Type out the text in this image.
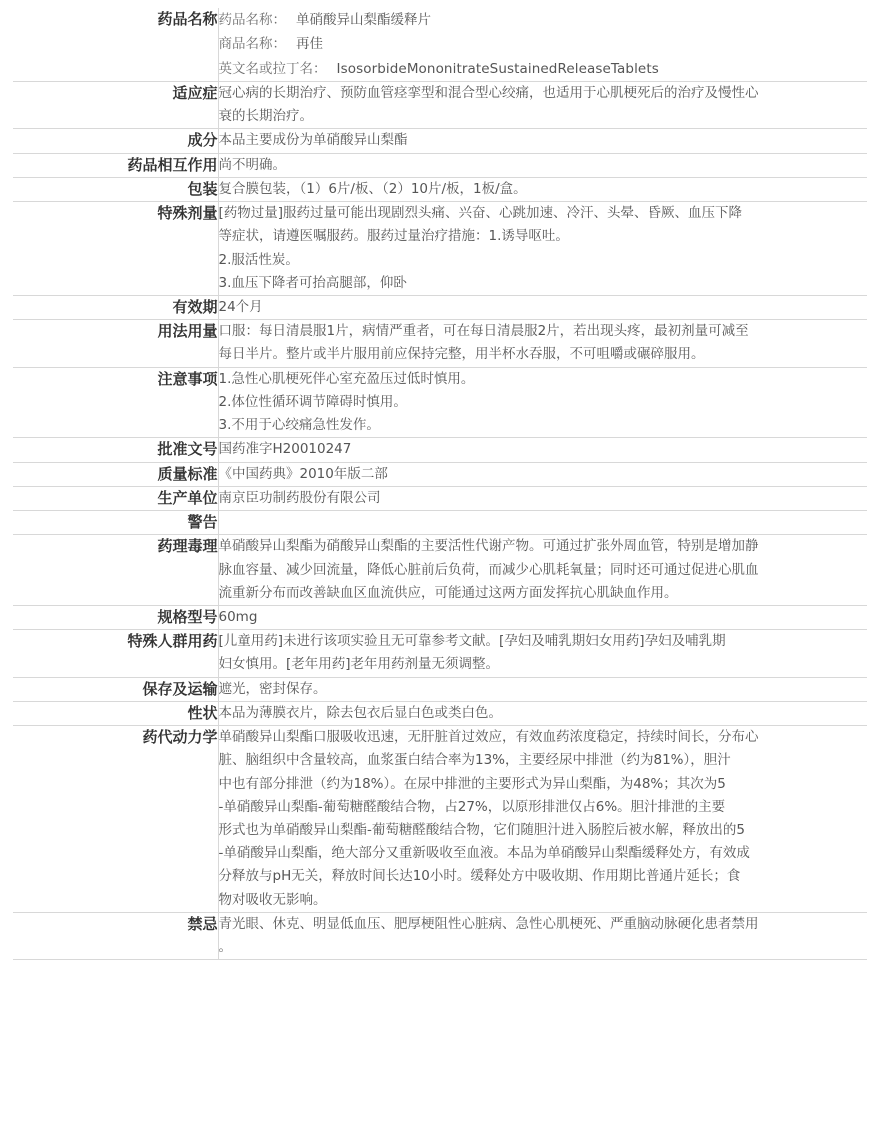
药品名称	药品名称： 单硝酸异山梨酯缓释片
商品名称： 再佳
英文名或拉丁名： IsosorbideMononitrateSustainedReleaseTablets

适应症	冠心病的长期治疗、预防血管痉挛型和混合型心绞痛，也适用于心肌梗死后的治疗及慢性心
衰的长期治疗。

成分	本品主要成份为单硝酸异山梨酯

药品相互作用	尚不明确。

包装	复合膜包装，（1）6片/板、（2）10片/板，1板/盒。

特殊剂量	[药物过量]服药过量可能出现剧烈头痛、兴奋、心跳加速、冷汗、头晕、昏厥、血压下降
等症状，请遵医嘱服药。服药过量治疗措施：1.诱导呕吐。
2.服活性炭。
3.血压下降者可抬高腿部，仰卧

有效期	24个月

用法用量	口服：每日清晨服1片，病情严重者，可在每日清晨服2片，若出现头疼，最初剂量可减至
每日半片。整片或半片服用前应保持完整，用半杯水吞服，不可咀嚼或碾碎服用。

注意事项	1.急性心肌梗死伴心室充盈压过低时慎用。
2.体位性循环调节障碍时慎用。
3.不用于心绞痛急性发作。

批准文号	国药准字H20010247

质量标准	《中国药典》2010年版二部

生产单位	南京臣功制药股份有限公司

警告	

药理毒理	单硝酸异山梨酯为硝酸异山梨酯的主要活性代谢产物。可通过扩张外周血管，特别是增加静
脉血容量、减少回流量，降低心脏前后负荷，而减少心肌耗氧量；同时还可通过促进心肌血
流重新分布而改善缺血区血流供应，可能通过这两方面发挥抗心肌缺血作用。

规格型号	60mg

特殊人群用药	[儿童用药]未进行该项实验且无可靠参考文献。[孕妇及哺乳期妇女用药]孕妇及哺乳期
妇女慎用。[老年用药]老年用药剂量无须调整。

保存及运输	遮光，密封保存。

性状	本品为薄膜衣片，除去包衣后显白色或类白色。

药代动力学	单硝酸异山梨酯口服吸收迅速，无肝脏首过效应，有效血药浓度稳定，持续时间长，分布心
脏、脑组织中含量较高，血浆蛋白结合率为13%，主要经尿中排泄（约为81%），胆汁
中也有部分排泄（约为18%）。在尿中排泄的主要形式为异山梨酯，为48%；其次为5
-单硝酸异山梨酯-葡萄糖醛酸结合物，占27%，以原形排泄仅占6%。胆汁排泄的主要
形式也为单硝酸异山梨酯-葡萄糖醛酸结合物，它们随胆汁进入肠腔后被水解，释放出的5
-单硝酸异山梨酯，绝大部分又重新吸收至血液。本品为单硝酸异山梨酯缓释处方，有效成
分释放与pH无关，释放时间长达10小时。缓释处方中吸收期、作用期比普通片延长；食
物对吸收无影响。

禁忌	青光眼、休克、明显低血压、肥厚梗阻性心脏病、急性心肌梗死、严重脑动脉硬化患者禁用
。
